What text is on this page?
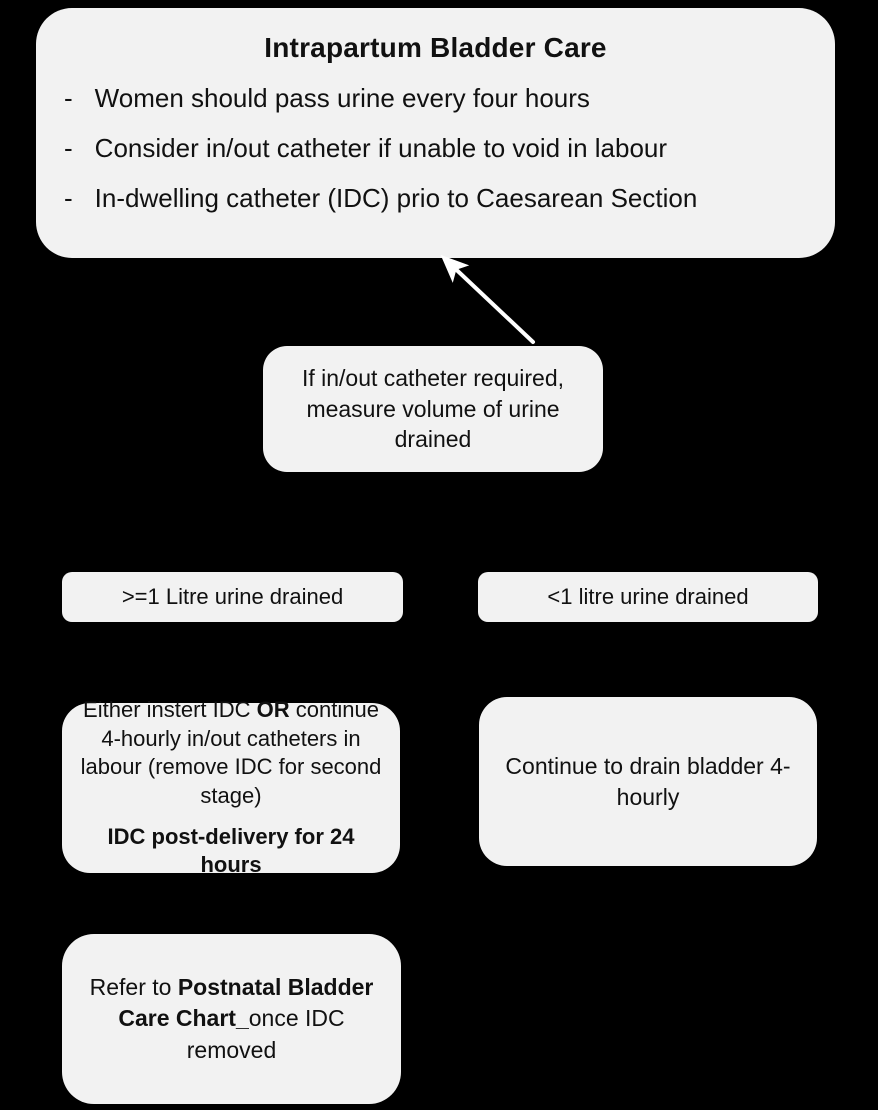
Intrapartum Bladder Care
- Women should pass urine every four hours
- Consider in/out catheter if unable to void in labour
- In-dwelling catheter (IDC) prio to Caesarean Section
If in/out catheter required, measure volume of urine drained
>=1 Litre urine drained	<1 litre urine drained
Either instert IDC OR continue 4-hourly in/out catheters in labour (remove IDC for second stage)
IDC post-delivery for 24 hours
Continue to drain bladder 4-hourly
Refer to Postnatal Bladder Care Chart_once IDC removed
